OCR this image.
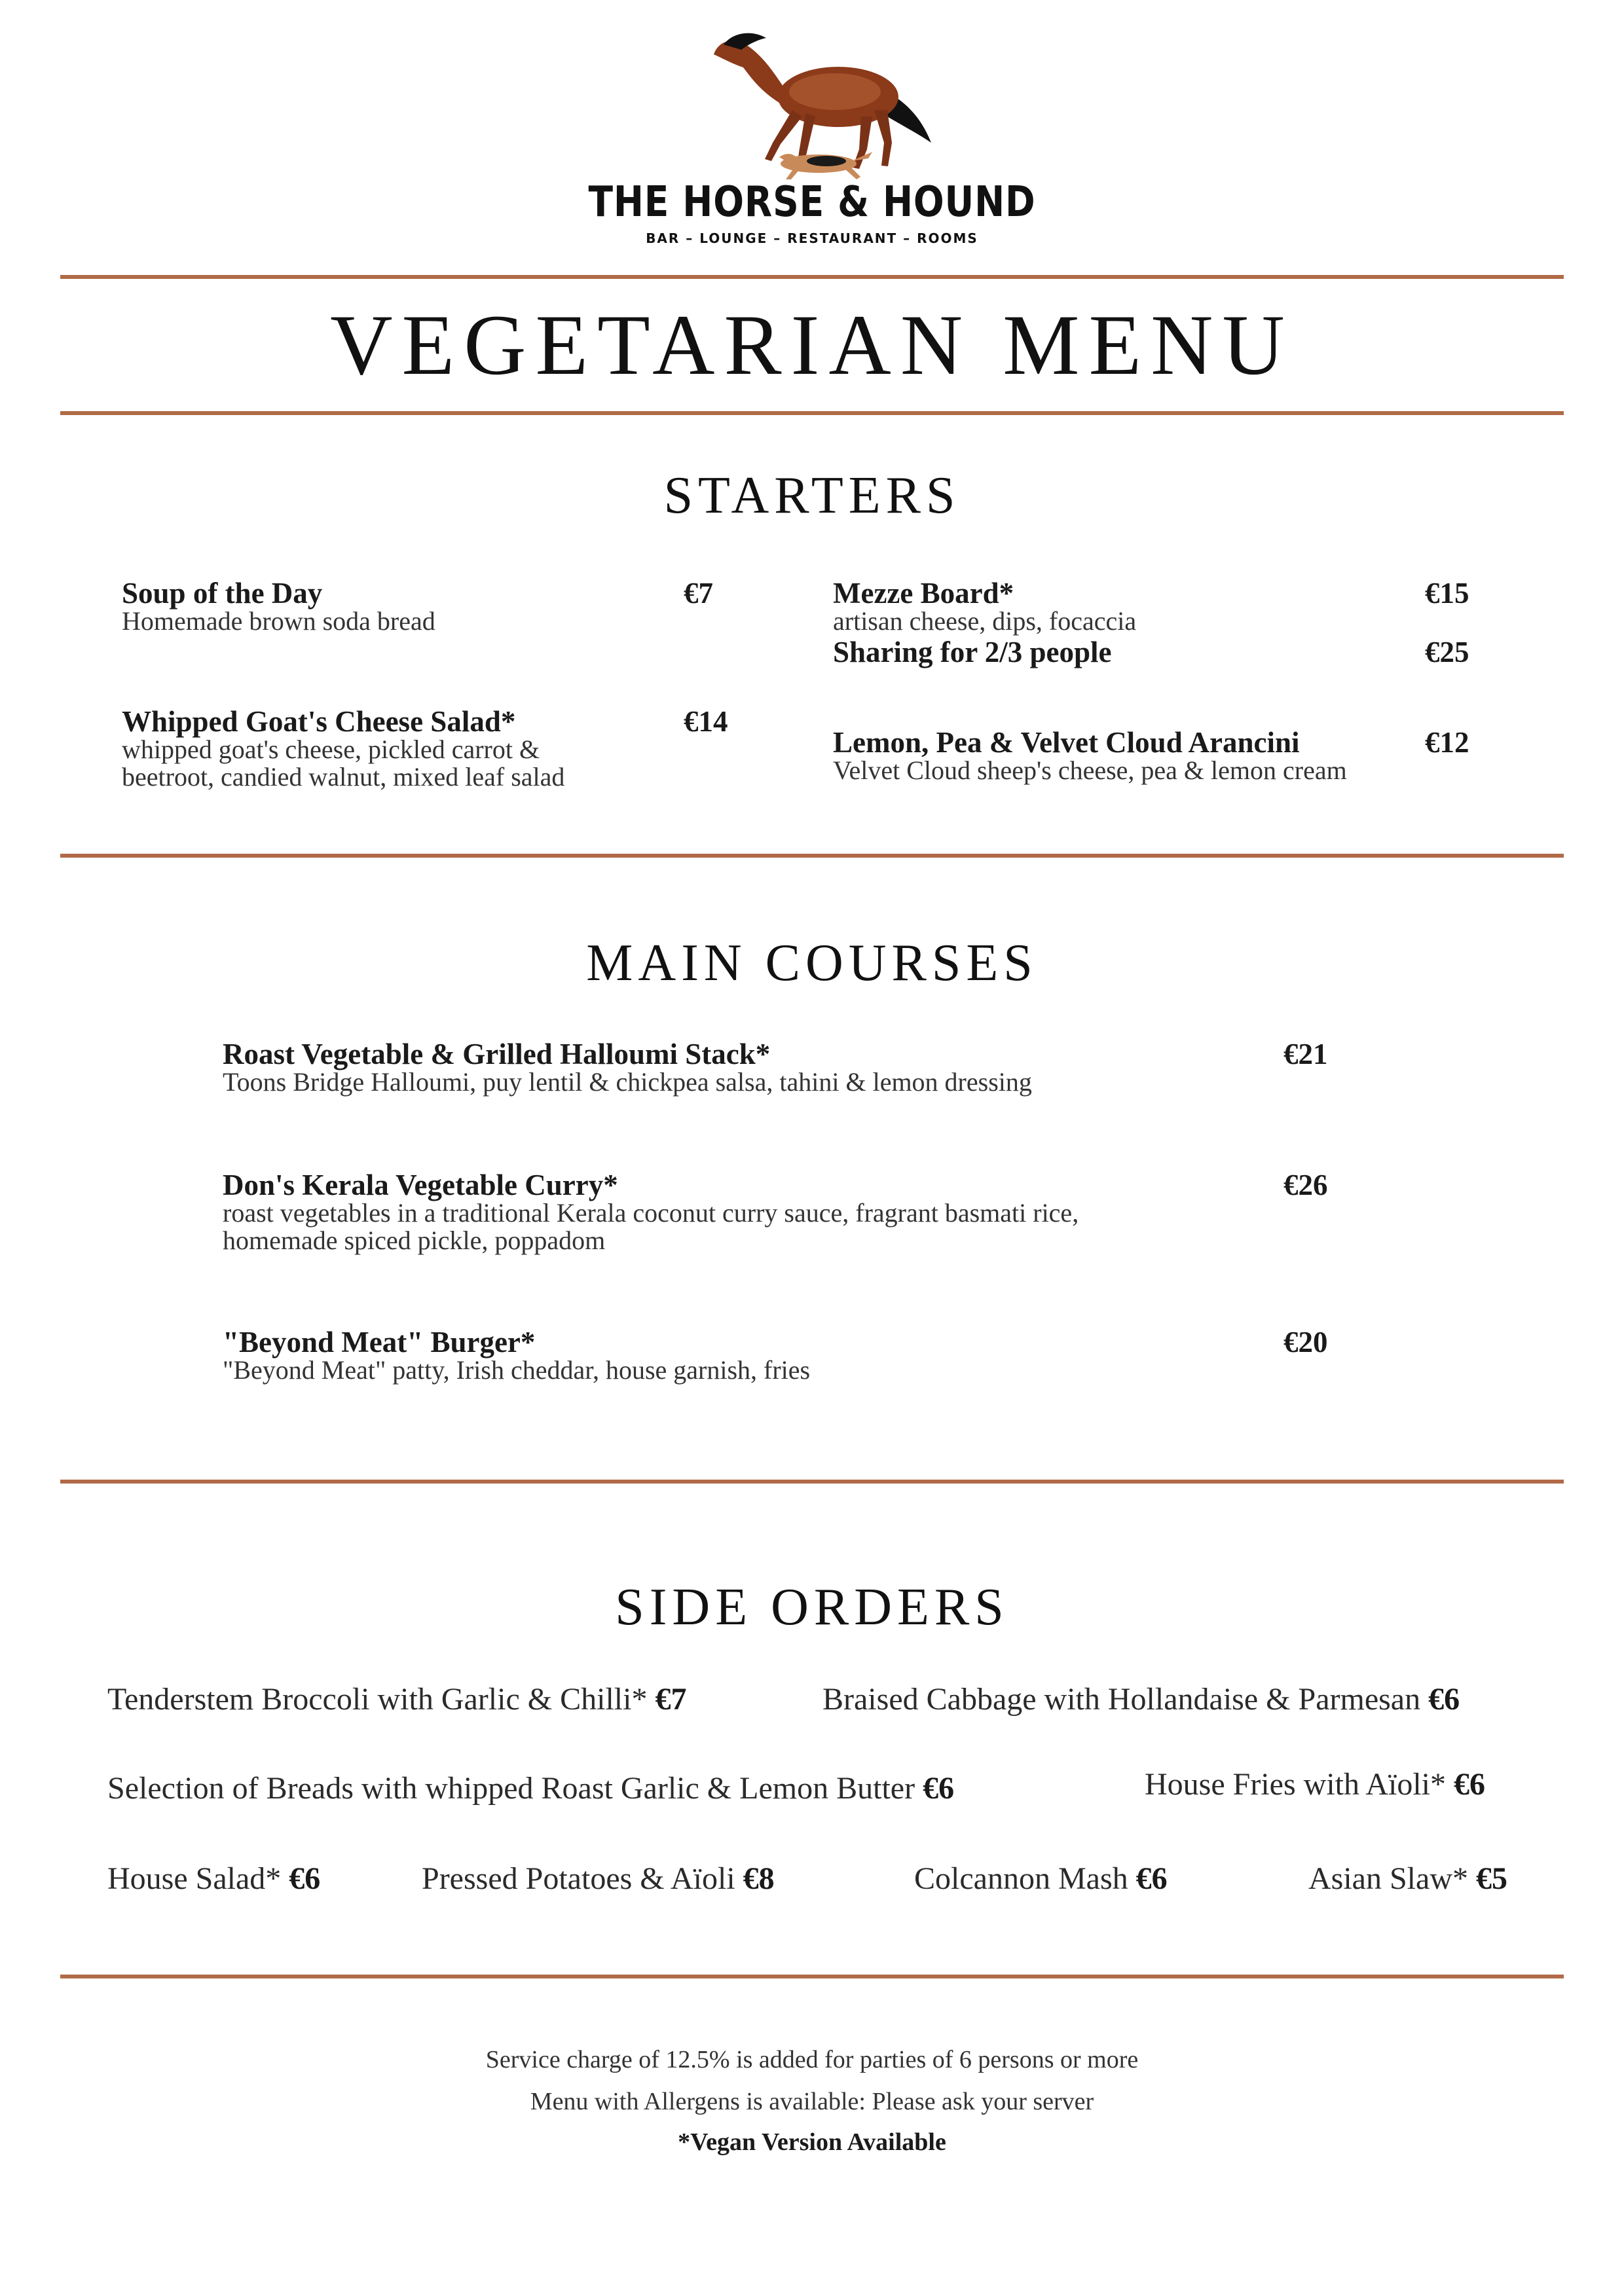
THE HORSE & HOUND
BAR – LOUNGE – RESTAURANT – ROOMS
VEGETARIAN MENU
STARTERS
Soup of the Day
Homemade brown soda bread
€7	Mezze Board*
artisan cheese, dips, focaccia
€15
Sharing for 2/3 people	€25
Whipped Goat's Cheese Salad*
whipped goat's cheese, pickled carrot &
beetroot, candied walnut, mixed leaf salad
€14
Lemon, Pea & Velvet Cloud Arancini
Velvet Cloud sheep's cheese, pea & lemon cream
€12
MAIN COURSES
Roast Vegetable & Grilled Halloumi Stack*
Toons Bridge Halloumi, puy lentil & chickpea salsa, tahini & lemon dressing
€21
Don's Kerala Vegetable Curry*
roast vegetables in a traditional Kerala coconut curry sauce, fragrant basmati rice,
homemade spiced pickle, poppadom
€26
"Beyond Meat" Burger*
"Beyond Meat" patty, Irish cheddar, house garnish, fries
€20
SIDE ORDERS
Tenderstem Broccoli with Garlic & Chilli* €7	Braised Cabbage with Hollandaise & Parmesan €6
Selection of Breads with whipped Roast Garlic & Lemon Butter €6	House Fries with Aïoli* €6
House Salad* €6	Pressed Potatoes & Aïoli €8	Colcannon Mash €6	Asian Slaw* €5
Service charge of 12.5% is added for parties of 6 persons or more
Menu with Allergens is available: Please ask your server
*Vegan Version Available
